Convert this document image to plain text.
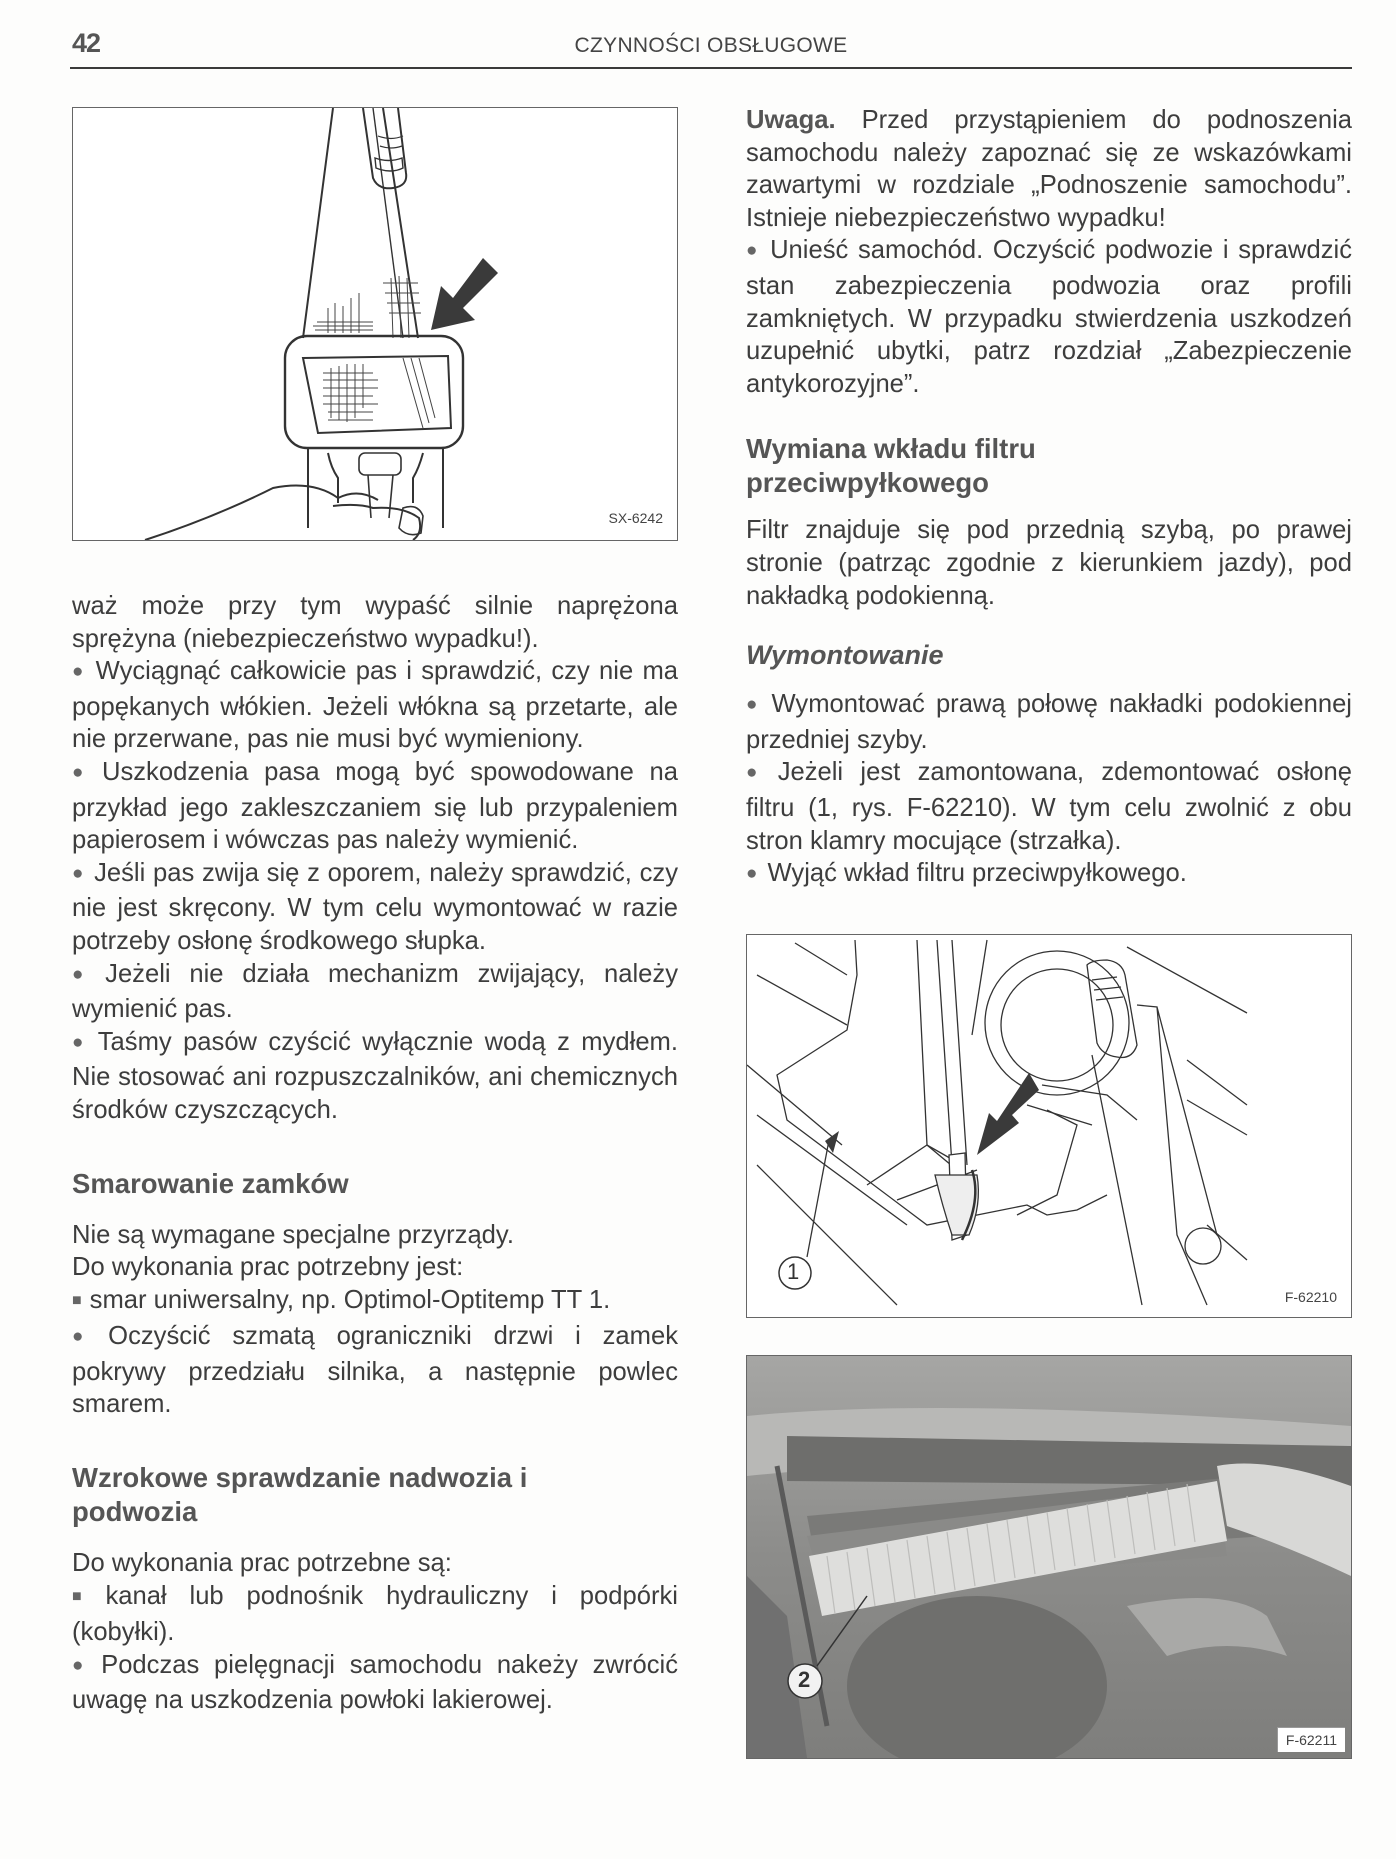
42	CZYNNOŚCI OBSŁUGOWE
SX-6242

waż może przy tym wypaść silnie naprężona sprężyna (niebezpieczeństwo wypadku!).

● Wyciągnąć całkowicie pas i sprawdzić, czy nie ma popękanych włókien. Jeżeli włókna są przetarte, ale nie przerwane, pas nie musi być wymieniony.

● Uszkodzenia pasa mogą być spowodowane na przykład jego zakleszczaniem się lub przypaleniem papierosem i wówczas pas należy wymienić.

● Jeśli pas zwija się z oporem, należy sprawdzić, czy nie jest skręcony. W tym celu wymontować w razie potrzeby osłonę środkowego słupka.

● Jeżeli nie działa mechanizm zwijający, należy wymienić pas.

● Taśmy pasów czyścić wyłącznie wodą z mydłem. Nie stosować ani rozpuszczalników, ani chemicznych środków czyszczących.

Smarowanie zamków

Nie są wymagane specjalne przyrządy.

Do wykonania prac potrzebny jest:

■ smar uniwersalny, np. Optimol-Optitemp TT 1.

● Oczyścić szmatą ograniczniki drzwi i zamek pokrywy przedziału silnika, a następnie powlec smarem.

Wzrokowe sprawdzanie nadwozia i podwozia

Do wykonania prac potrzebne są:

■ kanał lub podnośnik hydrauliczny i podpórki (kobyłki).

● Podczas pielęgnacji samochodu nakeży zwrócić uwagę na uszkodzenia powłoki lakierowej.

Uwaga. Przed przystąpieniem do podnoszenia samochodu należy zapoznać się ze wskazówkami zawartymi w rozdziale „Podnoszenie samochodu”. Istnieje niebezpieczeństwo wypadku!

● Unieść samochód. Oczyścić podwozie i sprawdzić stan zabezpieczenia podwozia oraz profili zamkniętych. W przypadku stwierdzenia uszkodzeń uzupełnić ubytki, patrz rozdział „Zabezpieczenie antykorozyjne”.

Wymiana wkładu filtru przeciwpyłkowego

Filtr znajduje się pod przednią szybą, po prawej stronie (patrząc zgodnie z kierunkiem jazdy), pod nakładką podokienną.

Wymontowanie

● Wymontować prawą połowę nakładki podokiennej przedniej szyby.

● Jeżeli jest zamontowana, zdemontować osłonę filtru (1, rys. F-62210). W tym celu zwolnić z obu stron klamry mocujące (strzałka).

● Wyjąć wkład filtru przeciwpyłkowego.

1
F-62210
2
F-62211
